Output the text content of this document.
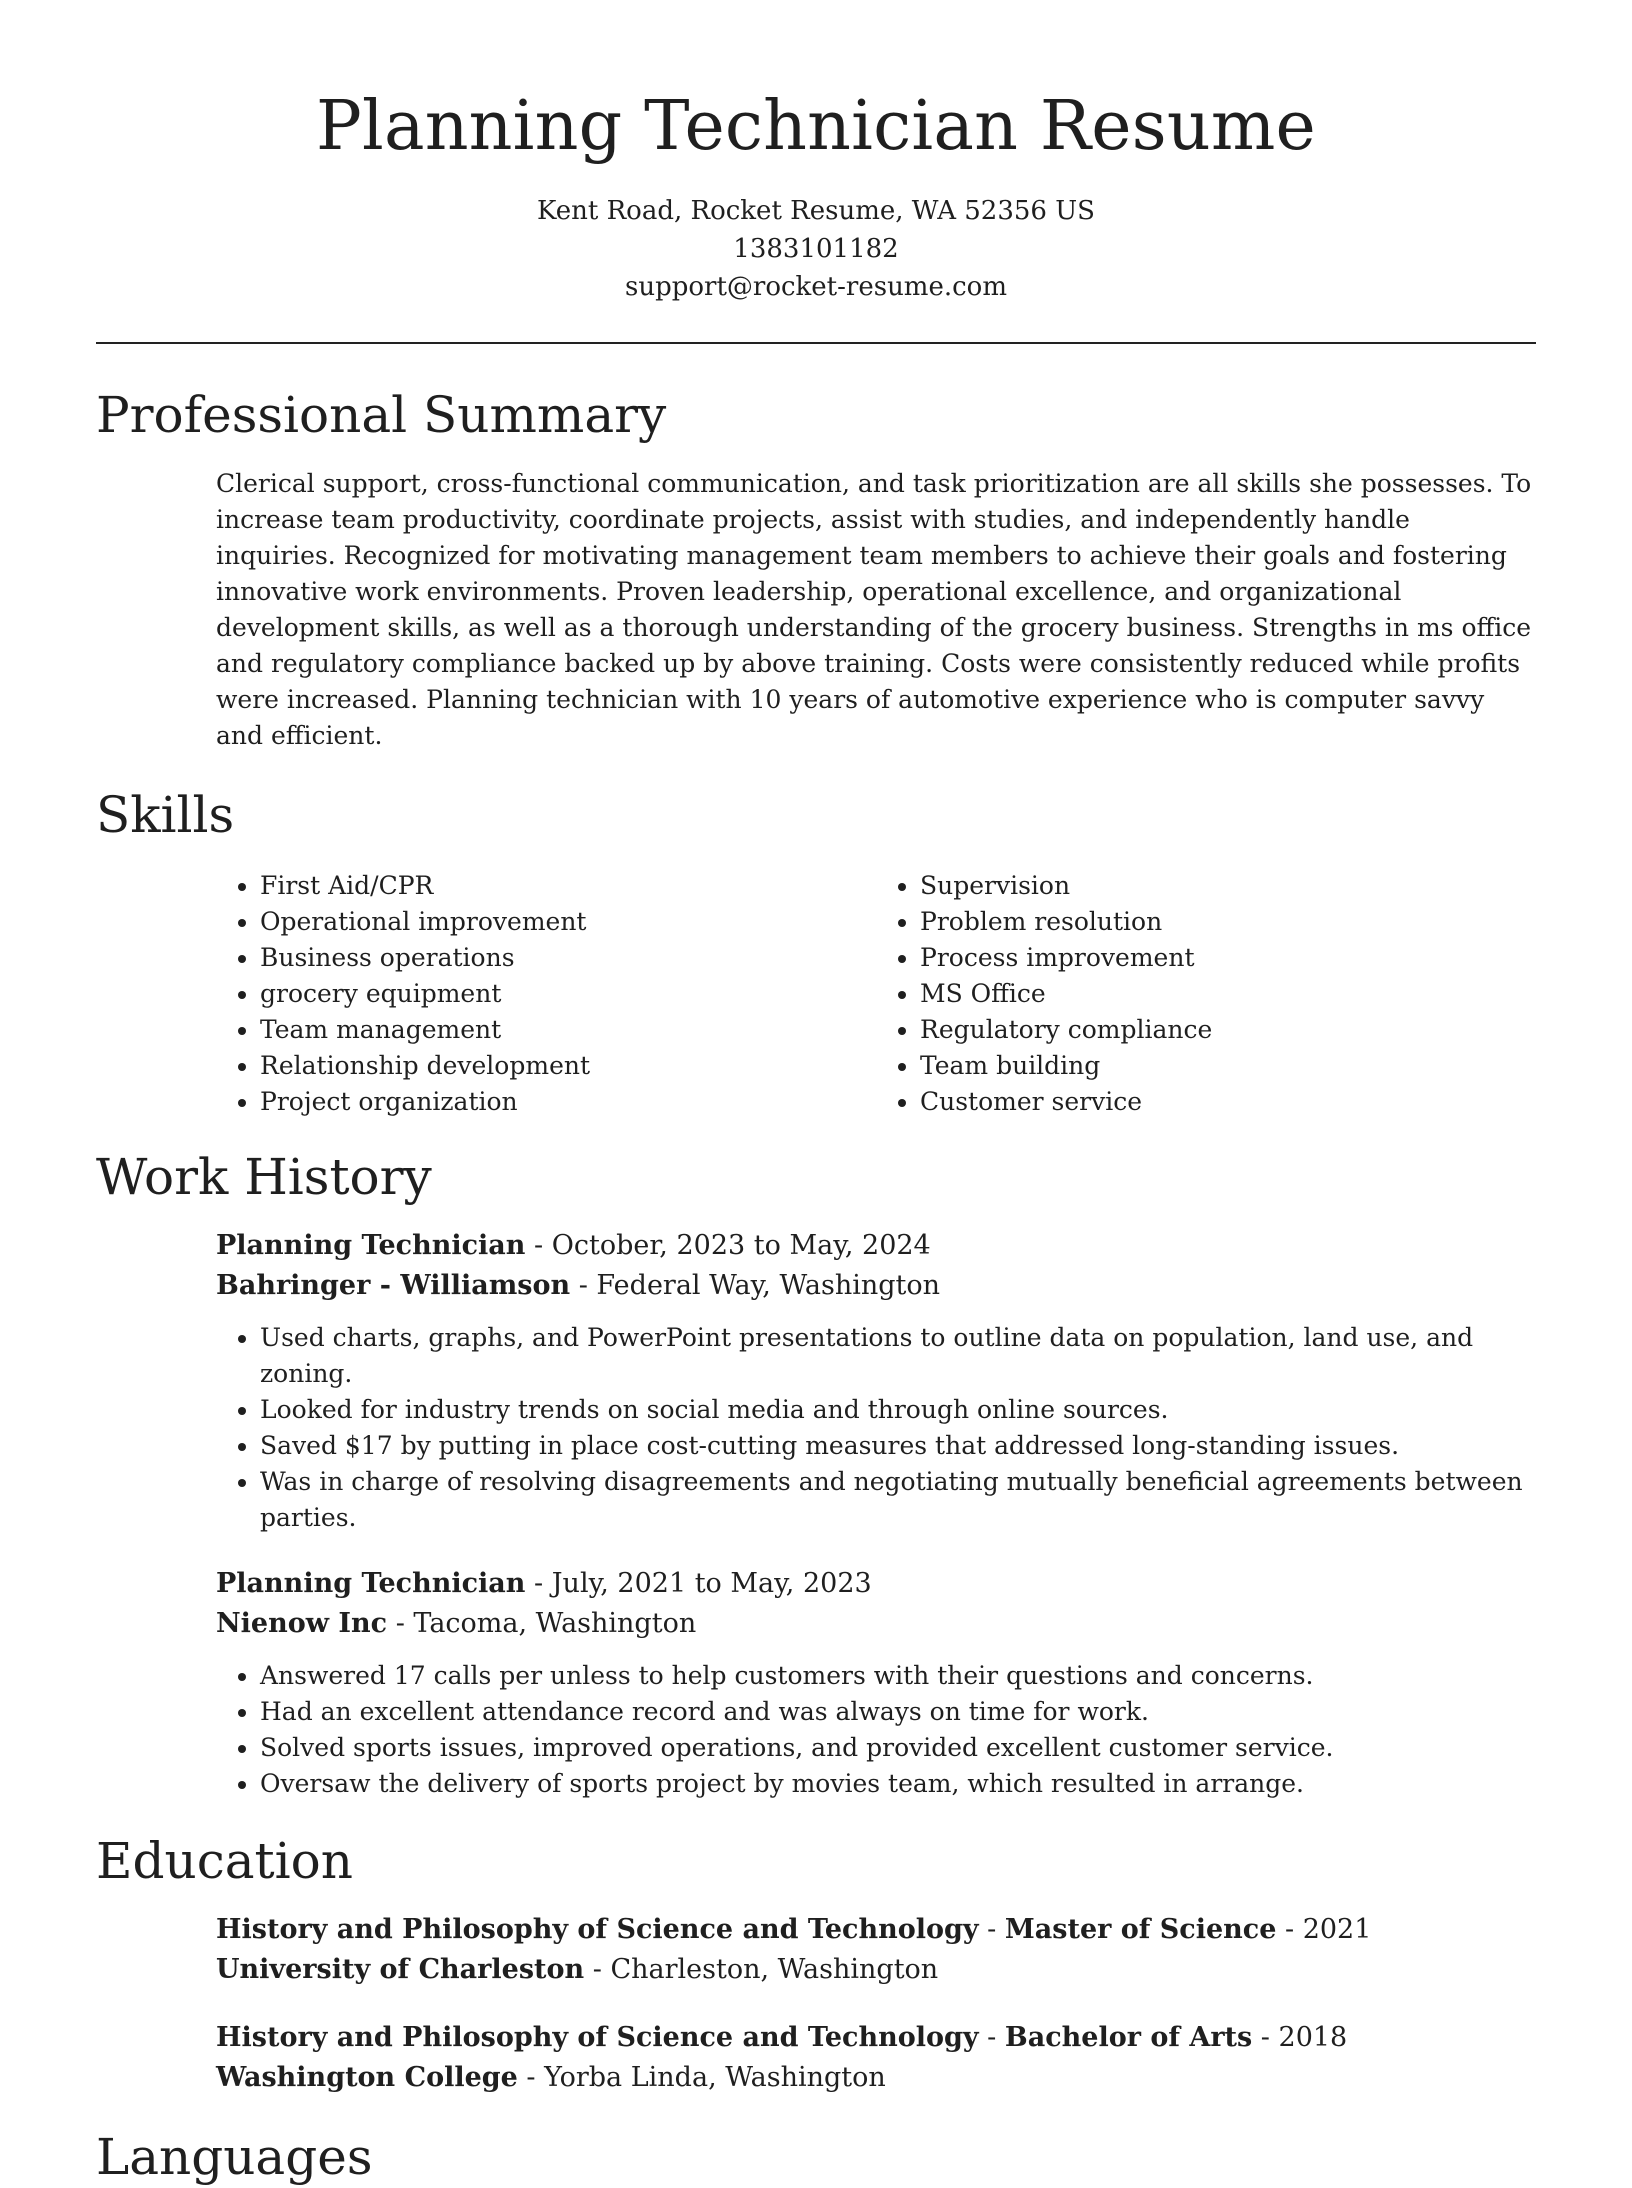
Planning Technician Resume

Kent Road, Rocket Resume, WA 52356 US

1383101182

support@rocket-resume.com

Professional Summary

Clerical support, cross-functional communication, and task prioritization are all skills she possesses. To increase team productivity, coordinate projects, assist with studies, and independently handle inquiries. Recognized for motivating management team members to achieve their goals and fostering innovative work environments. Proven leadership, operational excellence, and organizational development skills, as well as a thorough understanding of the grocery business. Strengths in ms office and regulatory compliance backed up by above training. Costs were consistently reduced while profits were increased. Planning technician with 10 years of automotive experience who is computer savvy and efficient.

Skills
• First Aid/CPR
• Operational improvement
• Business operations
• grocery equipment
• Team management
• Relationship development
• Project organization
• Supervision
• Problem resolution
• Process improvement
• MS Office
• Regulatory compliance
• Team building
• Customer service
Work History

Planning Technician - October, 2023 to May, 2024

Bahringer - Williamson - Federal Way, Washington

• Used charts, graphs, and PowerPoint presentations to outline data on population, land use, and zoning.
• Looked for industry trends on social media and through online sources.
• Saved $17 by putting in place cost-cutting measures that addressed long-standing issues.
• Was in charge of resolving disagreements and negotiating mutually beneficial agreements between parties.

Planning Technician - July, 2021 to May, 2023

Nienow Inc - Tacoma, Washington

• Answered 17 calls per unless to help customers with their questions and concerns.
• Had an excellent attendance record and was always on time for work.
• Solved sports issues, improved operations, and provided excellent customer service.
• Oversaw the delivery of sports project by movies team, which resulted in arrange.
Education

History and Philosophy of Science and Technology - Master of Science - 2021

University of Charleston - Charleston, Washington

History and Philosophy of Science and Technology - Bachelor of Arts - 2018

Washington College - Yorba Linda, Washington

Languages
